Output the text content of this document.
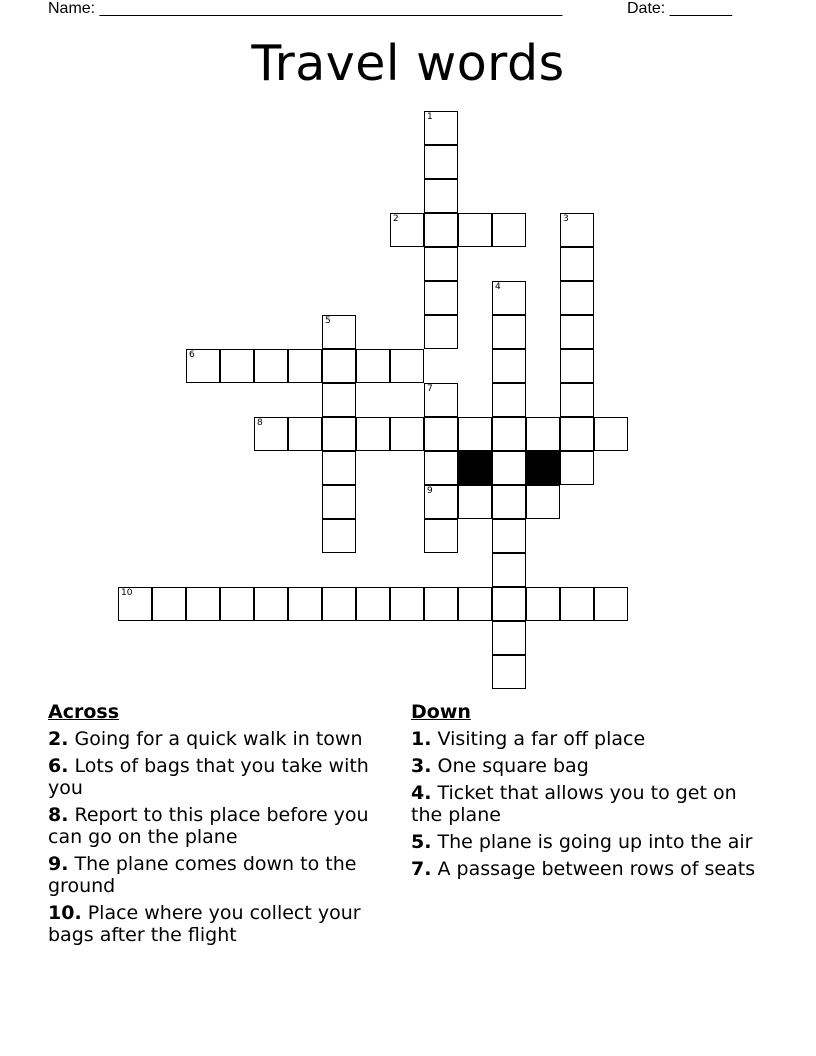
Name: ____________________________________________________	Date: _______
Travel words
1
2	3
4
5
6
7
9
8
10
Across
2. Going for a quick walk in town
6. Lots of bags that you take with you
8. Report to this place before you can go on the plane
9. The plane comes down to the ground
10. Place where you collect your bags after the flight
Down
1. Visiting a far off place
3. One square bag
4. Ticket that allows you to get on the plane
5. The plane is going up into the air
7. A passage between rows of seats
